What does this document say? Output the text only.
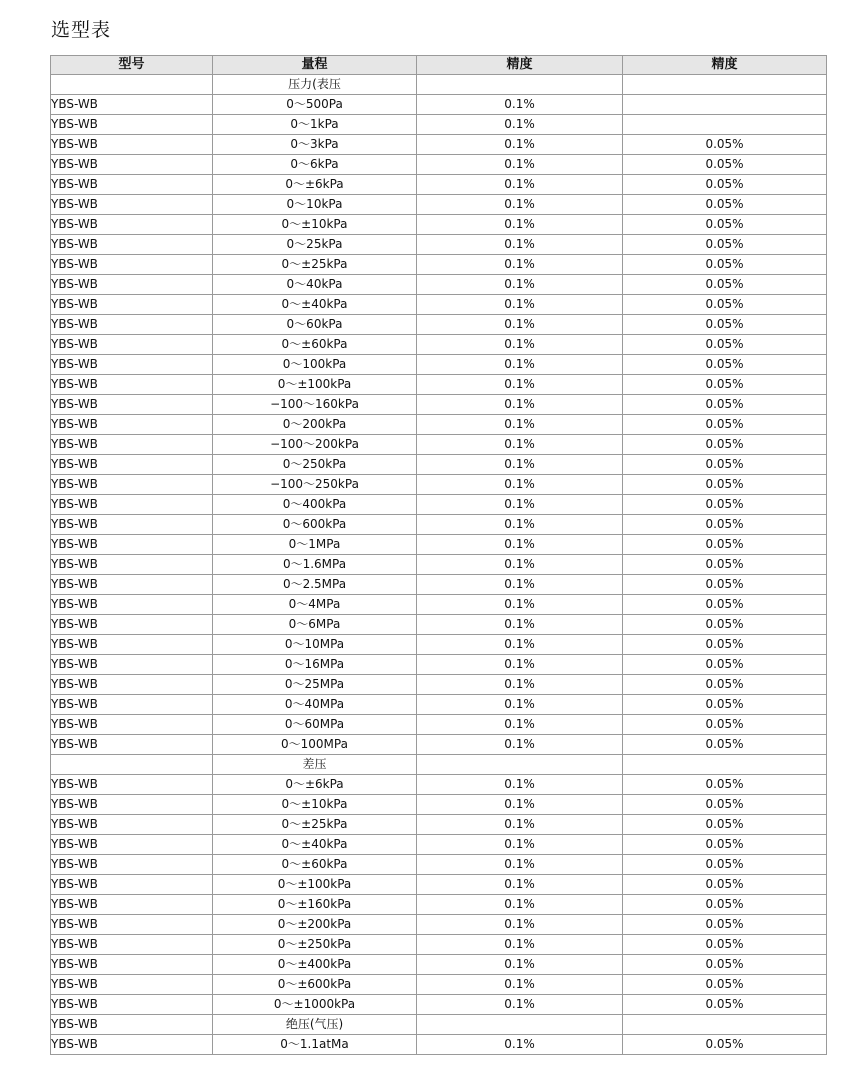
选型表
型号	量程	精度	精度
	压力(表压		
YBS-WB	0～500Pa	0.1%	
YBS-WB	0～1kPa	0.1%	
YBS-WB	0～3kPa	0.1%	0.05%
YBS-WB	0～6kPa	0.1%	0.05%
YBS-WB	0～±6kPa	0.1%	0.05%
YBS-WB	0～10kPa	0.1%	0.05%
YBS-WB	0～±10kPa	0.1%	0.05%
YBS-WB	0～25kPa	0.1%	0.05%
YBS-WB	0～±25kPa	0.1%	0.05%
YBS-WB	0～40kPa	0.1%	0.05%
YBS-WB	0～±40kPa	0.1%	0.05%
YBS-WB	0～60kPa	0.1%	0.05%
YBS-WB	0～±60kPa	0.1%	0.05%
YBS-WB	0～100kPa	0.1%	0.05%
YBS-WB	0～±100kPa	0.1%	0.05%
YBS-WB	−100～160kPa	0.1%	0.05%
YBS-WB	0～200kPa	0.1%	0.05%
YBS-WB	−100～200kPa	0.1%	0.05%
YBS-WB	0～250kPa	0.1%	0.05%
YBS-WB	−100～250kPa	0.1%	0.05%
YBS-WB	0～400kPa	0.1%	0.05%
YBS-WB	0～600kPa	0.1%	0.05%
YBS-WB	0～1MPa	0.1%	0.05%
YBS-WB	0～1.6MPa	0.1%	0.05%
YBS-WB	0～2.5MPa	0.1%	0.05%
YBS-WB	0～4MPa	0.1%	0.05%
YBS-WB	0～6MPa	0.1%	0.05%
YBS-WB	0～10MPa	0.1%	0.05%
YBS-WB	0～16MPa	0.1%	0.05%
YBS-WB	0～25MPa	0.1%	0.05%
YBS-WB	0～40MPa	0.1%	0.05%
YBS-WB	0～60MPa	0.1%	0.05%
YBS-WB	0～100MPa	0.1%	0.05%
	差压		
YBS-WB	0～±6kPa	0.1%	0.05%
YBS-WB	0～±10kPa	0.1%	0.05%
YBS-WB	0～±25kPa	0.1%	0.05%
YBS-WB	0～±40kPa	0.1%	0.05%
YBS-WB	0～±60kPa	0.1%	0.05%
YBS-WB	0～±100kPa	0.1%	0.05%
YBS-WB	0～±160kPa	0.1%	0.05%
YBS-WB	0～±200kPa	0.1%	0.05%
YBS-WB	0～±250kPa	0.1%	0.05%
YBS-WB	0～±400kPa	0.1%	0.05%
YBS-WB	0～±600kPa	0.1%	0.05%
YBS-WB	0～±1000kPa	0.1%	0.05%
YBS-WB	绝压(气压)		
YBS-WB	0～1.1atMa	0.1%	0.05%
